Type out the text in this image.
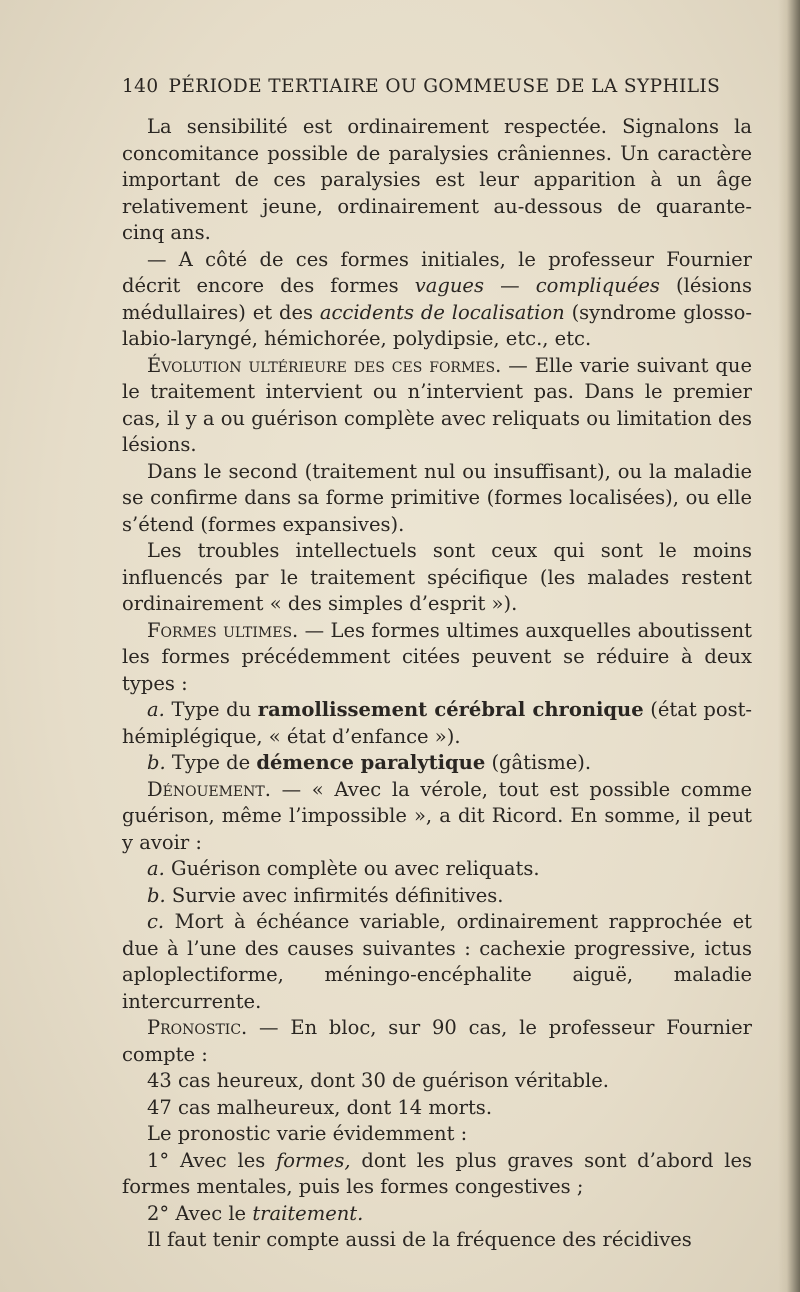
140 PÉRIODE TERTIAIRE OU GOMMEUSE DE LA SYPHILIS

La sensibilité est ordinairement respectée. Signalons la concomitance possible de paralysies crâniennes. Un caractère important de ces paralysies est leur apparition à un âge relativement jeune, ordinairement au-dessous de quarante-cinq ans.

— A côté de ces formes initiales, le professeur Fournier décrit encore des formes vagues — compliquées (lésions médullaires) et des accidents de localisation (syndrome glosso-labio-laryngé, hémichorée, polydipsie, etc., etc.

Évolution ultérieure des ces formes. — Elle varie suivant que le traitement intervient ou n’intervient pas. Dans le premier cas, il y a ou guérison complète avec reliquats ou limitation des lésions.

Dans le second (traitement nul ou insuffisant), ou la maladie se confirme dans sa forme primitive (formes localisées), ou elle s’étend (formes expansives).

Les troubles intellectuels sont ceux qui sont le moins influencés par le traitement spécifique (les malades restent ordinairement « des simples d’esprit »).

Formes ultimes. — Les formes ultimes auxquelles aboutissent les formes précédemment citées peuvent se réduire à deux types :

a. Type du ramollissement cérébral chronique (état post-hémiplégique, « état d’enfance »).

b. Type de démence paralytique (gâtisme).

Dénouement. — « Avec la vérole, tout est possible comme guérison, même l’impossible », a dit Ricord. En somme, il peut y avoir :

a. Guérison complète ou avec reliquats.

b. Survie avec infirmités définitives.

c. Mort à échéance variable, ordinairement rapprochée et due à l’une des causes suivantes : cachexie progressive, ictus aploplectiforme, méningo-encéphalite aiguë, maladie intercurrente.

Pronostic. — En bloc, sur 90 cas, le professeur Fournier compte :

43 cas heureux, dont 30 de guérison véritable.

47 cas malheureux, dont 14 morts.

Le pronostic varie évidemment :

1° Avec les formes, dont les plus graves sont d’abord les formes mentales, puis les formes congestives ;

2° Avec le traitement.

Il faut tenir compte aussi de la fréquence des récidives
